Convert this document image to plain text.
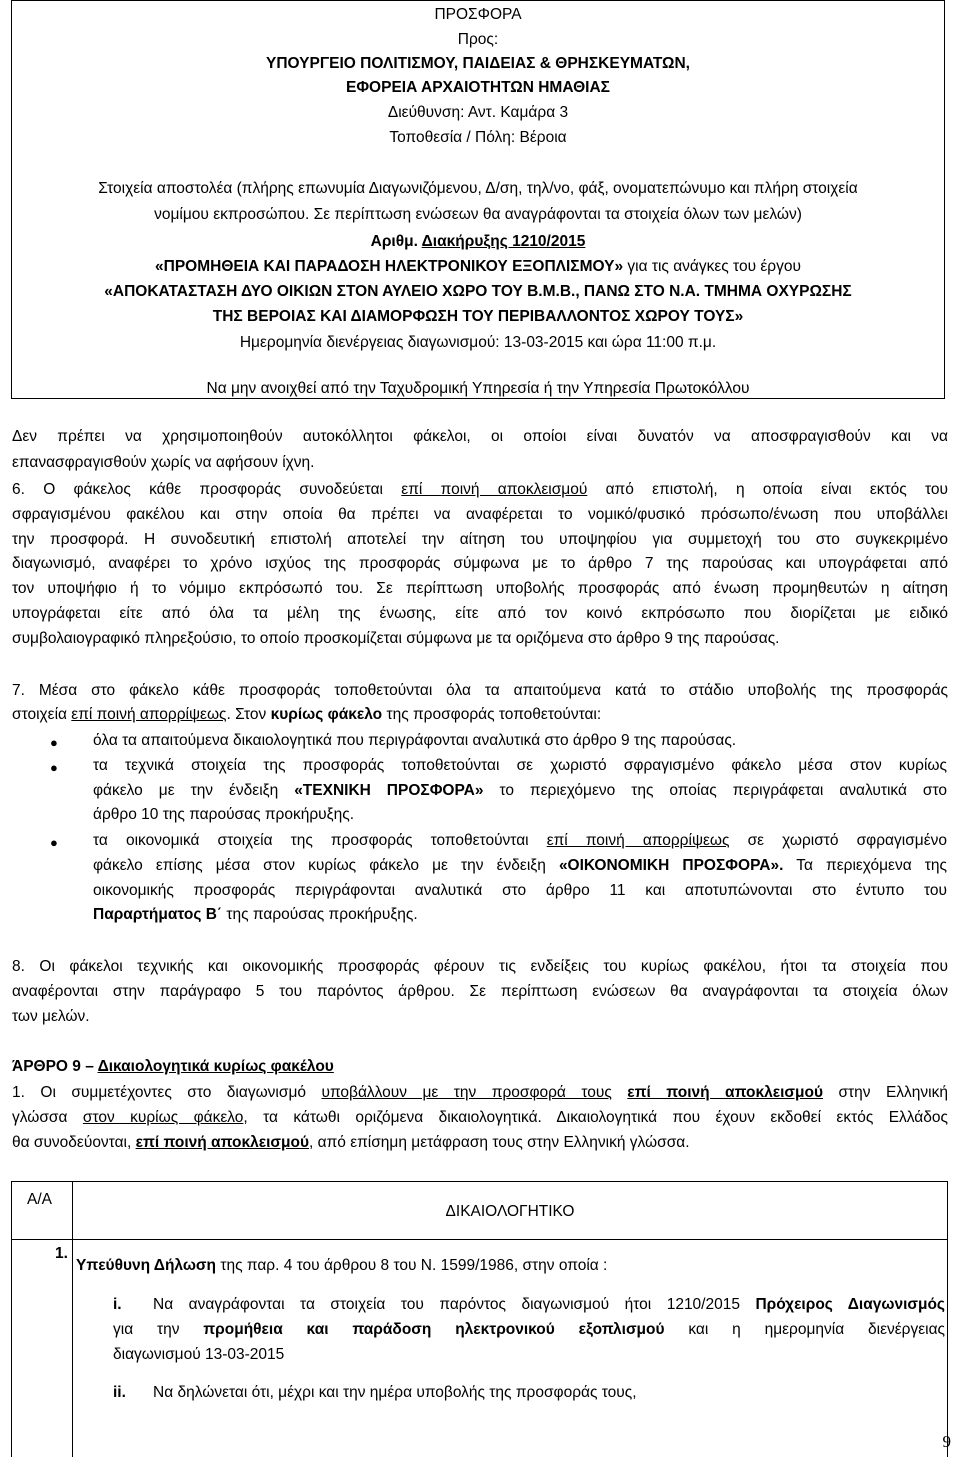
ΠΡΟΣΦΟΡΑ
Προς:
ΥΠΟΥΡΓΕΙΟ ΠΟΛΙΤΙΣΜΟΥ, ΠΑΙΔΕΙΑΣ & ΘΡΗΣΚΕΥΜΑΤΩΝ,
ΕΦΟΡΕΙΑ ΑΡΧΑΙΟΤΗΤΩΝ ΗΜΑΘΙΑΣ
Διεύθυνση: Αντ. Καμάρα 3
Τοποθεσία / Πόλη: Βέροια
Στοιχεία αποστολέα (πλήρης επωνυμία Διαγωνιζόμενου, Δ/ση, τηλ/νο, φάξ, ονοματεπώνυμο και πλήρη στοιχεία
νομίμου εκπροσώπου. Σε περίπτωση ενώσεων θα αναγράφονται τα στοιχεία όλων των μελών)
Αριθμ. Διακήρυξης 1210/2015
«ΠΡΟΜΗΘΕΙΑ ΚΑΙ ΠΑΡΑΔΟΣΗ ΗΛΕΚΤΡΟΝΙΚΟΥ ΕΞΟΠΛΙΣΜΟΥ» για τις ανάγκες του έργου
«ΑΠΟΚΑΤΑΣΤΑΣΗ ΔΥΟ ΟΙΚΙΩΝ ΣΤΟΝ ΑΥΛΕΙΟ ΧΩΡΟ ΤΟΥ Β.Μ.Β., ΠΑΝΩ ΣΤΟ Ν.Α. ΤΜΗΜΑ ΟΧΥΡΩΣΗΣ
ΤΗΣ ΒΕΡΟΙΑΣ ΚΑΙ ΔΙΑΜΟΡΦΩΣΗ ΤΟΥ ΠΕΡΙΒΑΛΛΟΝΤΟΣ ΧΩΡΟΥ ΤΟΥΣ»
Ημερομηνία διενέργειας διαγωνισμού: 13-03-2015 και ώρα 11:00 π.μ.
Να μην ανοιχθεί από την Ταχυδρομική Υπηρεσία ή την Υπηρεσία Πρωτοκόλλου
Δεν πρέπει να χρησιμοποιηθούν αυτοκόλλητοι φάκελοι, οι οποίοι είναι δυνατόν να αποσφραγισθούν και να
επανασφραγισθούν χωρίς να αφήσουν ίχνη.
6. Ο φάκελος κάθε προσφοράς συνοδεύεται επί ποινή αποκλεισμού από επιστολή, η οποία είναι εκτός του
σφραγισμένου φακέλου και στην οποία θα πρέπει να αναφέρεται το νομικό/φυσικό πρόσωπο/ένωση που υποβάλλει
την προσφορά. Η συνοδευτική επιστολή αποτελεί την αίτηση του υποψηφίου για συμμετοχή του στο συγκεκριμένο
διαγωνισμό, αναφέρει το χρόνο ισχύος της προσφοράς σύμφωνα με το άρθρο 7 της παρούσας και υπογράφεται από
τον υποψήφιο ή το νόμιμο εκπρόσωπό του. Σε περίπτωση υποβολής προσφοράς από ένωση προμηθευτών η αίτηση
υπογράφεται είτε από όλα τα μέλη της ένωσης, είτε από τον κοινό εκπρόσωπο που διορίζεται με ειδικό
συμβολαιογραφικό πληρεξούσιο, το οποίο προσκομίζεται σύμφωνα με τα οριζόμενα στο άρθρο 9 της παρούσας.
7. Μέσα στο φάκελο κάθε προσφοράς τοποθετούνται όλα τα απαιτούμενα κατά το στάδιο υποβολής της προσφοράς
στοιχεία επί ποινή απορρίψεως. Στον κυρίως φάκελο της προσφοράς τοποθετούνται:
● όλα τα απαιτούμενα δικαιολογητικά που περιγράφονται αναλυτικά στο άρθρο 9 της παρούσας.
● τα τεχνικά στοιχεία της προσφοράς τοποθετούνται σε χωριστό σφραγισμένο φάκελο μέσα στον κυρίως
φάκελο με την ένδειξη «ΤΕΧΝΙΚΗ ΠΡΟΣΦΟΡΑ» το περιεχόμενο της οποίας περιγράφεται αναλυτικά στο
άρθρο 10 της παρούσας προκήρυξης.
● τα οικονομικά στοιχεία της προσφοράς τοποθετούνται επί ποινή απορρίψεως σε χωριστό σφραγισμένο
φάκελο επίσης μέσα στον κυρίως φάκελο με την ένδειξη «ΟΙΚΟΝΟΜΙΚΗ ΠΡΟΣΦΟΡΑ». Τα περιεχόμενα της
οικονομικής προσφοράς περιγράφονται αναλυτικά στο άρθρο 11 και αποτυπώνονται στο έντυπο του
Παραρτήματος Β΄ της παρούσας προκήρυξης.
8. Οι φάκελοι τεχνικής και οικονομικής προσφοράς φέρουν τις ενδείξεις του κυρίως φακέλου, ήτοι τα στοιχεία που
αναφέρονται στην παράγραφο 5 του παρόντος άρθρου. Σε περίπτωση ενώσεων θα αναγράφονται τα στοιχεία όλων
των μελών.
ΆΡΘΡΟ 9 – Δικαιολογητικά κυρίως φακέλου
1. Οι συμμετέχοντες στο διαγωνισμό υποβάλλουν με την προσφορά τους επί ποινή αποκλεισμού στην Ελληνική
γλώσσα στον κυρίως φάκελο, τα κάτωθι οριζόμενα δικαιολογητικά. Δικαιολογητικά που έχουν εκδοθεί εκτός Ελλάδος
θα συνοδεύονται, επί ποινή αποκλεισμού, από επίσημη μετάφραση τους στην Ελληνική γλώσσα.
Α/Α
ΔΙΚΑΙΟΛΟΓΗΤΙΚΟ
1.
Υπεύθυνη Δήλωση της παρ. 4 του άρθρου 8 του Ν. 1599/1986, στην οποία :
i. Να αναγράφονται τα στοιχεία του παρόντος διαγωνισμού ήτοι 1210/2015 Πρόχειρος Διαγωνισμός
για την προμήθεια και παράδοση ηλεκτρονικού εξοπλισμού και η ημερομηνία διενέργειας
διαγωνισμού 13-03-2015
ii. Να δηλώνεται ότι, μέχρι και την ημέρα υποβολής της προσφοράς τους,
9
